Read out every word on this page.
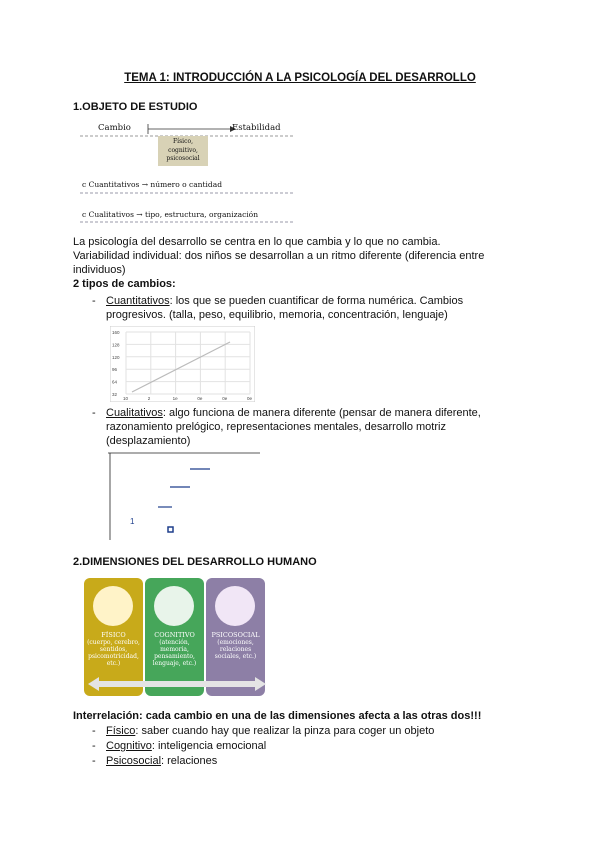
TEMA 1: INTRODUCCIÓN A LA PSICOLOGÍA DEL DESARROLLO
1.OBJETO DE ESTUDIO
Cambio	Estabilidad
Físico,
cognitivo,
psicosocial
c Cuantitativos → número o cantidad
c Cualitativos → tipo, estructura, organización
La psicología del desarrollo se centra en lo que cambia y lo que no cambia.
Variabilidad individual: dos niños se desarrollan a un ritmo diferente (diferencia entre
individuos)
2 tipos de cambios:
- Cuantitativos: los que se pueden cuantificar de forma numérica. Cambios
progresivos. (talla, peso, equilibrio, memoria, concentración, lenguaje)
160
128
120
96
64
32
10	2	1e	0e	0e	0e
- Cualitativos: algo funciona de manera diferente (pensar de manera diferente,
razonamiento prelógico, representaciones mentales, desarrollo motriz
(desplazamiento)
1
2.DIMENSIONES DEL DESARROLLO HUMANO
FÍSICO
(cuerpo, cerebro, sentidos, psicomotricidad, etc.)
COGNITIVO
(atención, memoria, pensamiento, lenguaje, etc.)
PSICOSOCIAL
(emociones, relaciones sociales, etc.)
Interrelación: cada cambio en una de las dimensiones afecta a las otras dos!!!
- Físico: saber cuando hay que realizar la pinza para coger un objeto
- Cognitivo: inteligencia emocional
- Psicosocial: relaciones
